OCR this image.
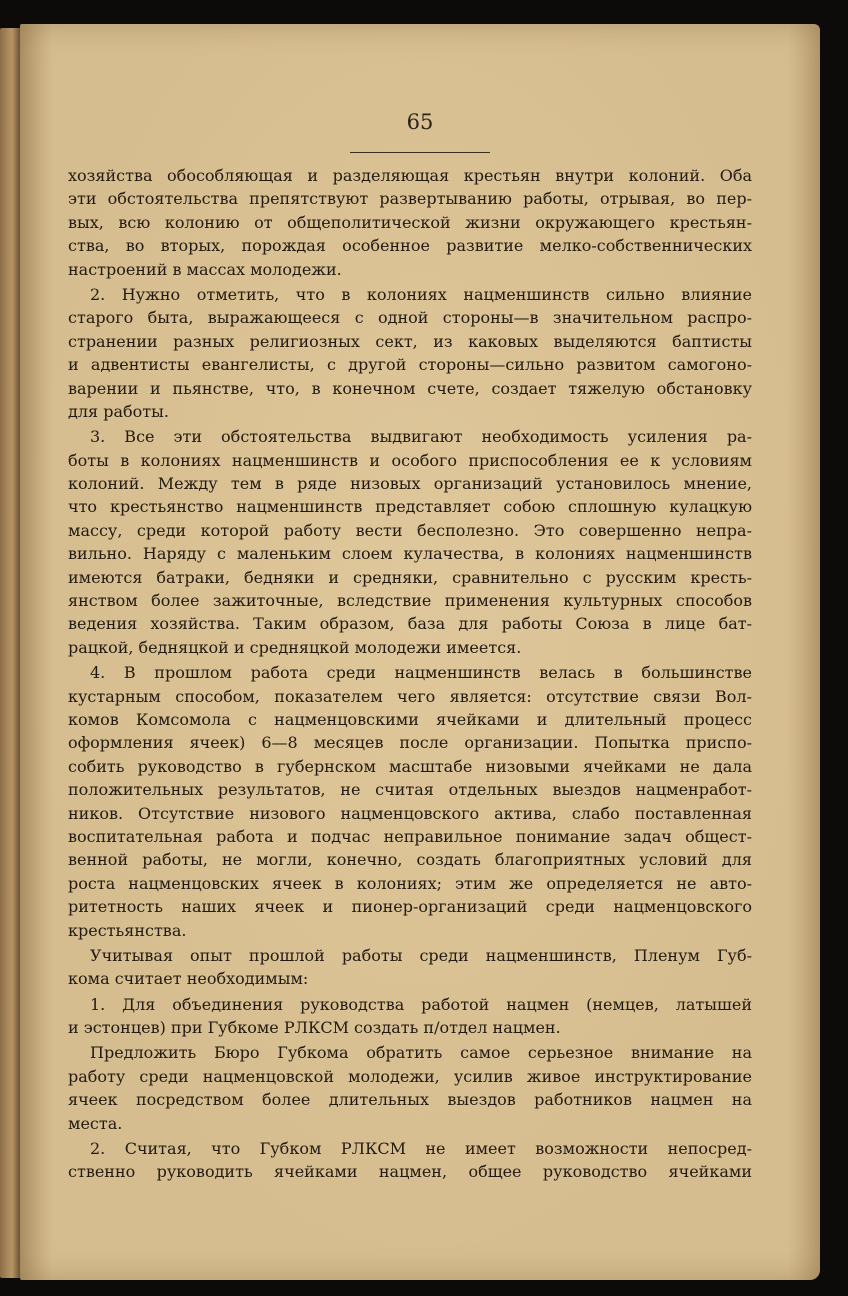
65
хозяйства обособляющая и разделяющая крестьян внутри колоний. Оба
эти обстоятельства препятствуют развертыванию работы, отрывая, во пер-
вых, всю колонию от общеполитической жизни окружающего крестьян-
ства, во вторых, порождая особенное развитие мелко-собственнических
настроений в массах молодежи.
2. Нужно отметить, что в колониях нацменшинств сильно влияние
старого быта, выражающееся с одной стороны—в значительном распро-
странении разных религиозных сект, из каковых выделяются баптисты
и адвентисты евангелисты, с другой стороны—сильно развитом самогоно-
варении и пьянстве, что, в конечном счете, создает тяжелую обстановку
для работы.
3. Все эти обстоятельства выдвигают необходимость усиления ра-
боты в колониях нацменшинств и особого приспособления ее к условиям
колоний. Между тем в ряде низовых организаций установилось мнение,
что крестьянство нацменшинств представляет собою сплошную кулацкую
массу, среди которой работу вести бесполезно. Это совершенно непра-
вильно. Наряду с маленьким слоем кулачества, в колониях нацменшинств
имеются батраки, бедняки и средняки, сравнительно с русским кресть-
янством более зажиточные, вследствие применения культурных способов
ведения хозяйства. Таким образом, база для работы Союза в лице бат-
рацкой, бедняцкой и средняцкой молодежи имеется.
4. В прошлом работа среди нацменшинств велась в большинстве
кустарным способом, показателем чего является: отсутствие связи Вол-
комов Комсомола с нацменцовскими ячейками и длительный процесс
оформления ячеек) 6—8 месяцев после организации. Попытка приспо-
собить руководство в губернском масштабе низовыми ячейками не дала
положительных результатов, не считая отдельных выездов нацменработ-
ников. Отсутствие низового нацменцовского актива, слабо поставленная
воспитательная работа и подчас неправильное понимание задач общест-
венной работы, не могли, конечно, создать благоприятных условий для
роста нацменцовских ячеек в колониях; этим же определяется не авто-
ритетность наших ячеек и пионер-организаций среди нацменцовского
крестьянства.
Учитывая опыт прошлой работы среди нацменшинств, Пленум Губ-
кома считает необходимым:
1. Для объединения руководства работой нацмен (немцев, латышей
и эстонцев) при Губкоме РЛКСМ создать п/отдел нацмен.
Предложить Бюро Губкома обратить самое серьезное внимание на
работу среди нацменцовской молодежи, усилив живое инструктирование
ячеек посредством более длительных выездов работников нацмен на
места.
2. Считая, что Губком РЛКСМ не имеет возможности непосред-
ственно руководить ячейками нацмен, общее руководство ячейками
